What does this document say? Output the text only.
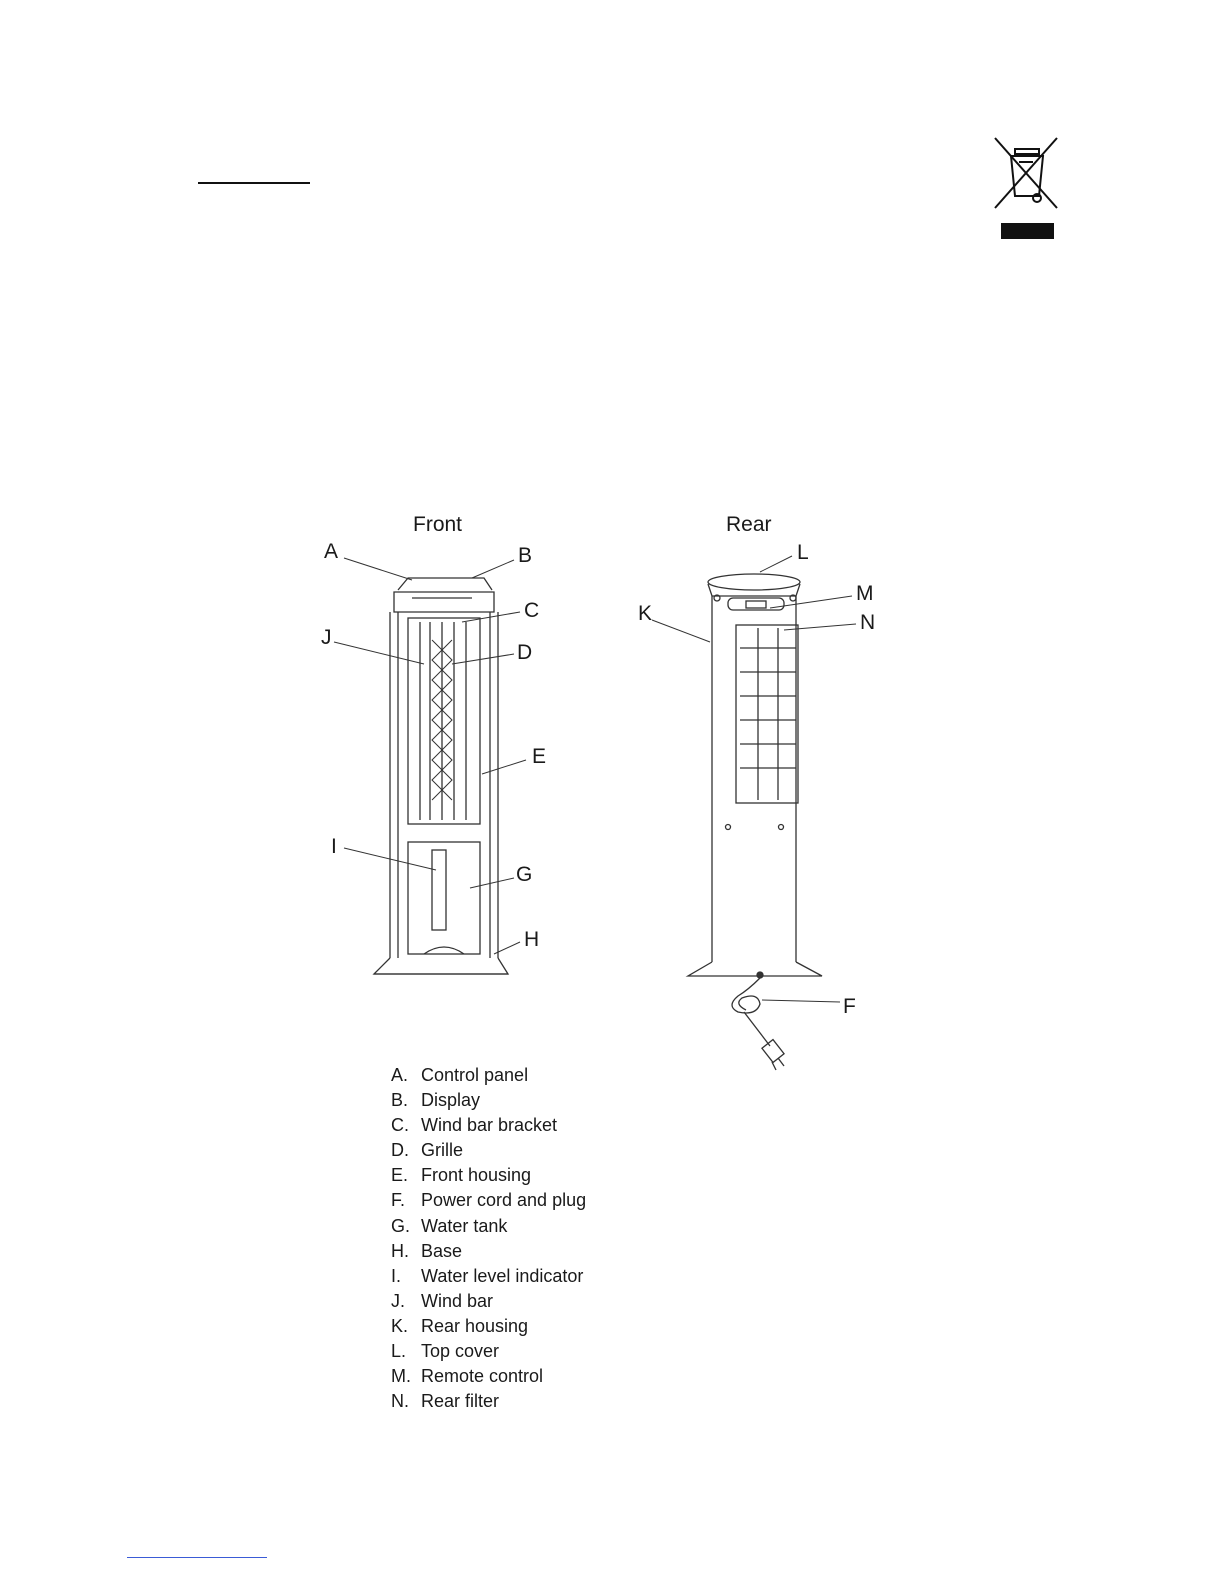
Front	Rear
A	B
C
J
D
E
I
G
H
L
M
K	N
F
A. Control panel
B. Display
C. Wind bar bracket
D. Grille
E. Front housing
F. Power cord and plug
G. Water tank
H. Base
I. Water level indicator
J. Wind bar
K. Rear housing
L. Top cover
M. Remote control
N. Rear filter
